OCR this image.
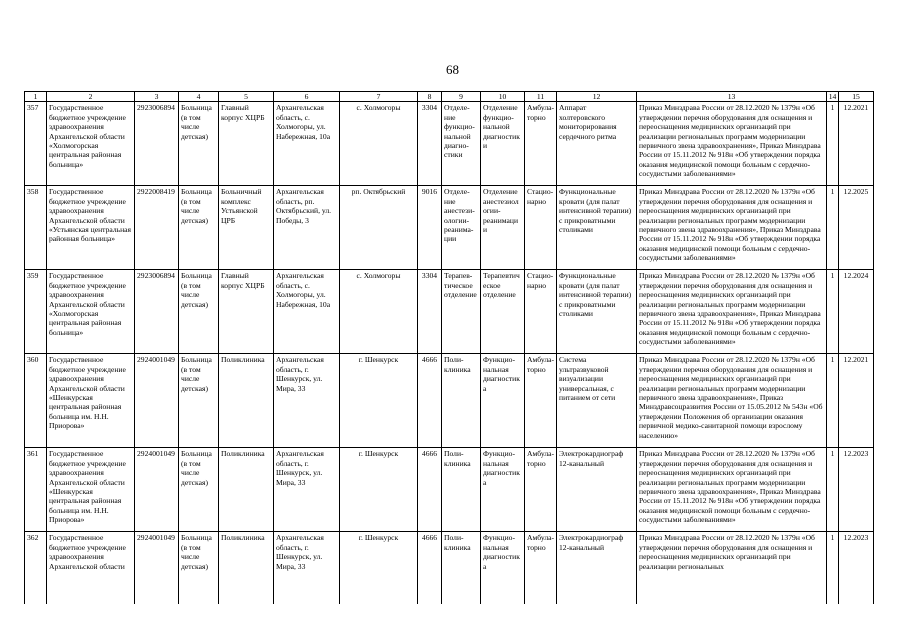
68
1	2	3	4	5	6	7	8	9	10	11	12	13	14	15
357	Государственное бюджетное учреждение здравоохранения Архангельской области «Холмогорская центральная районная больница»	2923006894	Больница (в том числе детская)	Главный корпус ХЦРБ	Архангельская область, с. Холмогоры, ул. Набережная, 10а	с. Холмогоры	3304	Отделе-ние функцио-нальной диагно-стики	Отделение функцио-нальной диагностики	Амбула-торно	Аппарат холтеровского мониторирования сердечного ритма	Приказ Минздрава России от 28.12.2020 № 1379н «Об утверждении перечня оборудования для оснащения и переоснащения медицинских организаций при реализации региональных программ модернизации первичного звена здравоохранения», Приказ Минздрава России от 15.11.2012 № 918н «Об утверждении порядка оказания медицинской помощи больным с сердечно-сосудистыми заболеваниями»	1	12.2021
358	Государственное бюджетное учреждение здравоохранения Архангельской области «Устьянская центральная районная больница»	2922008419	Больница (в том числе детская)	Больничный комплекс Устьянской ЦРБ	Архангельская область, рп. Октябрьский, ул. Победы, 3	рп. Октябрьский	9016	Отделе-ние анестези-ологии-реанима-ции	Отделение анестезиол огии-реанимации	Стацио-нарно	Функциональные кровати (для палат интенсивной терапии) с прикроватными столиками	Приказ Минздрава России от 28.12.2020 № 1379н «Об утверждении перечня оборудования для оснащения и переоснащения медицинских организаций при реализации региональных программ модернизации первичного звена здравоохранения», Приказ Минздрава России от 15.11.2012 № 918н «Об утверждении порядка оказания медицинской помощи больным с сердечно-сосудистыми заболеваниями»	1	12.2025
359	Государственное бюджетное учреждение здравоохранения Архангельской области «Холмогорская центральная районная больница»	2923006894	Больница (в том числе детская)	Главный корпус ХЦРБ	Архангельская область, с. Холмогоры, ул. Набережная, 10а	с. Холмогоры	3304	Терапев-тическое отделение	Терапевтич еское отделение	Стацио-нарно	Функциональные кровати (для палат интенсивной терапии) с прикроватными столиками	Приказ Минздрава России от 28.12.2020 № 1379н «Об утверждении перечня оборудования для оснащения и переоснащения медицинских организаций при реализации региональных программ модернизации первичного звена здравоохранения», Приказ Минздрава России от 15.11.2012 № 918н «Об утверждении порядка оказания медицинской помощи больным с сердечно-сосудистыми заболеваниями»	1	12.2024
360	Государственное бюджетное учреждение здравоохранения Архангельской области «Шенкурская центральная районная больница им. Н.Н. Приорова»	2924001049	Больница (в том числе детская)	Поликлиника	Архангельская область, г. Шенкурск, ул. Мира, 33	г. Шенкурск	4666	Поли-клиника	Функцио-нальная диагностика	Амбула-торно	Система ультразвуковой визуализации универсальная, с питанием от сети	Приказ Минздрава России от 28.12.2020 № 1379н «Об утверждении перечня оборудования для оснащения и переоснащения медицинских организаций при реализации региональных программ модернизации первичного звена здравоохранения», Приказ Минздравсоцразвития России от 15.05.2012 № 543н «Об утверждении Положения об организации оказания первичной медико-санитарной помощи взрослому населению»	1	12.2021
361	Государственное бюджетное учреждение здравоохранения Архангельской области «Шенкурская центральная районная больница им. Н.Н. Приорова»	2924001049	Больница (в том числе детская)	Поликлиника	Архангельская область, г. Шенкурск, ул. Мира, 33	г. Шенкурск	4666	Поли-клиника	Функцио-нальная диагностика	Амбула-торно	Электрокардиограф 12-канальный	Приказ Минздрава России от 28.12.2020 № 1379н «Об утверждении перечня оборудования для оснащения и переоснащения медицинских организаций при реализации региональных программ модернизации первичного звена здравоохранения», Приказ Минздрава России от 15.11.2012 № 918н «Об утверждении порядка оказания медицинской помощи больным с сердечно-сосудистыми заболеваниями»	1	12.2023
362	Государственное бюджетное учреждение здравоохранения Архангельской области	2924001049	Больница (в том числе детская)	Поликлиника	Архангельская область, г. Шенкурск, ул. Мира, 33	г. Шенкурск	4666	Поли-клиника	Функцио-нальная диагностика	Амбула-торно	Электрокардиограф 12-канальный	Приказ Минздрава России от 28.12.2020 № 1379н «Об утверждении перечня оборудования для оснащения и переоснащения медицинских организаций при реализации региональных	1	12.2023
